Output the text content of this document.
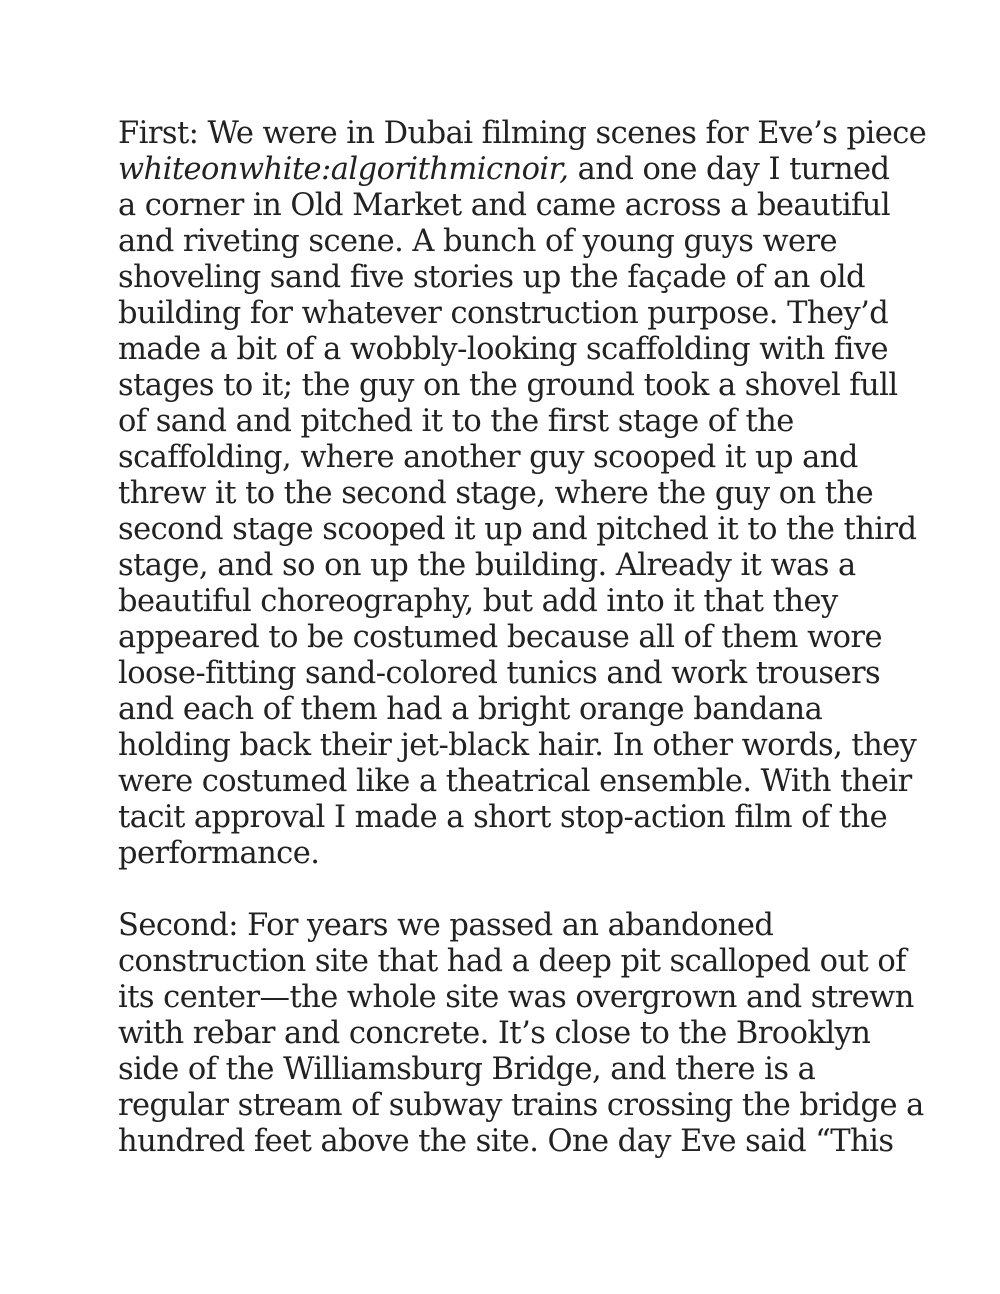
First: We were in Dubai filming scenes for Eve’s piece
whiteonwhite:algorithmicnoir, and one day I turned
a corner in Old Market and came across a beautiful
and riveting scene. A bunch of young guys were
shoveling sand five stories up the façade of an old
building for whatever construction purpose. They’d
made a bit of a wobbly-looking scaffolding with five
stages to it; the guy on the ground took a shovel full
of sand and pitched it to the first stage of the
scaffolding, where another guy scooped it up and
threw it to the second stage, where the guy on the
second stage scooped it up and pitched it to the third
stage, and so on up the building. Already it was a
beautiful choreography, but add into it that they
appeared to be costumed because all of them wore
loose-fitting sand-colored tunics and work trousers
and each of them had a bright orange bandana
holding back their jet-black hair. In other words, they
were costumed like a theatrical ensemble. With their
tacit approval I made a short stop-action film of the
performance.
Second: For years we passed an abandoned
construction site that had a deep pit scalloped out of
its center—the whole site was overgrown and strewn
with rebar and concrete. It’s close to the Brooklyn
side of the Williamsburg Bridge, and there is a
regular stream of subway trains crossing the bridge a
hundred feet above the site. One day Eve said “This
